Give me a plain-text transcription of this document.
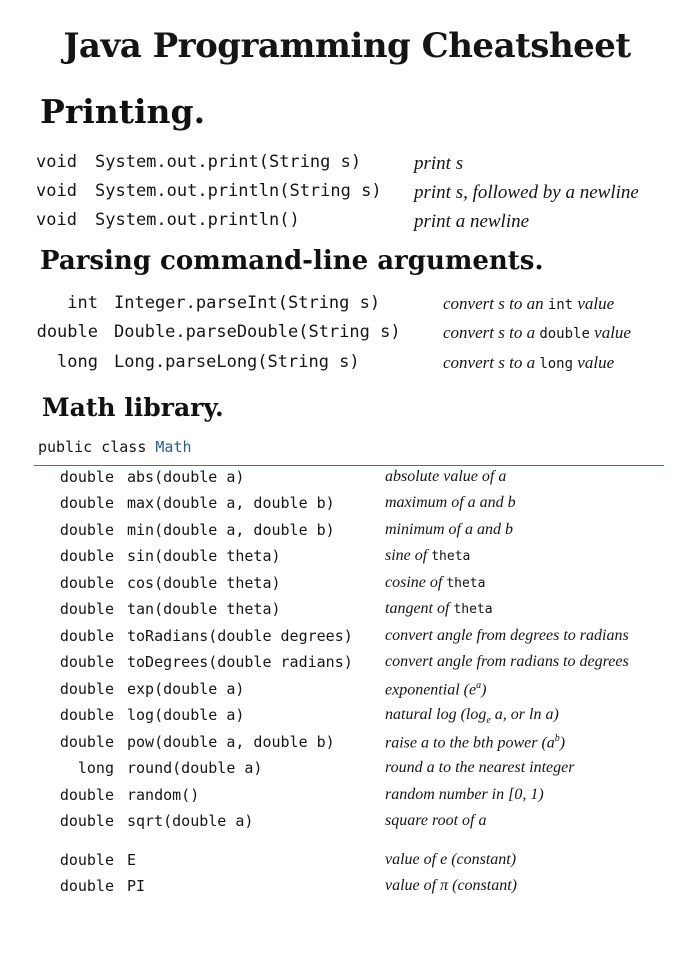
Java Programming Cheatsheet
Printing.
Parsing command-line arguments.
Math library.
void System.out.print(String s)	print s
void System.out.println(String s) print s, followed by a newline
void System.out.println()	print a newline
int Integer.parseInt(String s)	convert s to an int value
double Double.parseDouble(String s) convert s to a double value
long Long.parseLong(String s)	convert s to a long value
public class Math
double abs(double a)	absolute value of a
double max(double a, double b)	maximum of a and b
double min(double a, double b)	minimum of a and b
double sin(double theta)	sine of theta
double cos(double theta)	cosine of theta
double tan(double theta)	tangent of theta
double toRadians(double degrees) convert angle from degrees to radians
double toDegrees(double radians) convert angle from radians to degrees
double exp(double a)	exponential $(e^a)$
double log(double a)	natural $\log (\log_e$ a, or ln a)
double pow(double a, double b)	raise a to the bth power $(a^b)$
long round(double a)	round a to the nearest integer
double random()	random number in [0, 1)
double sqrt(double a)	square root of a
double E	value of e (constant)
double PI	value of π (constant)
